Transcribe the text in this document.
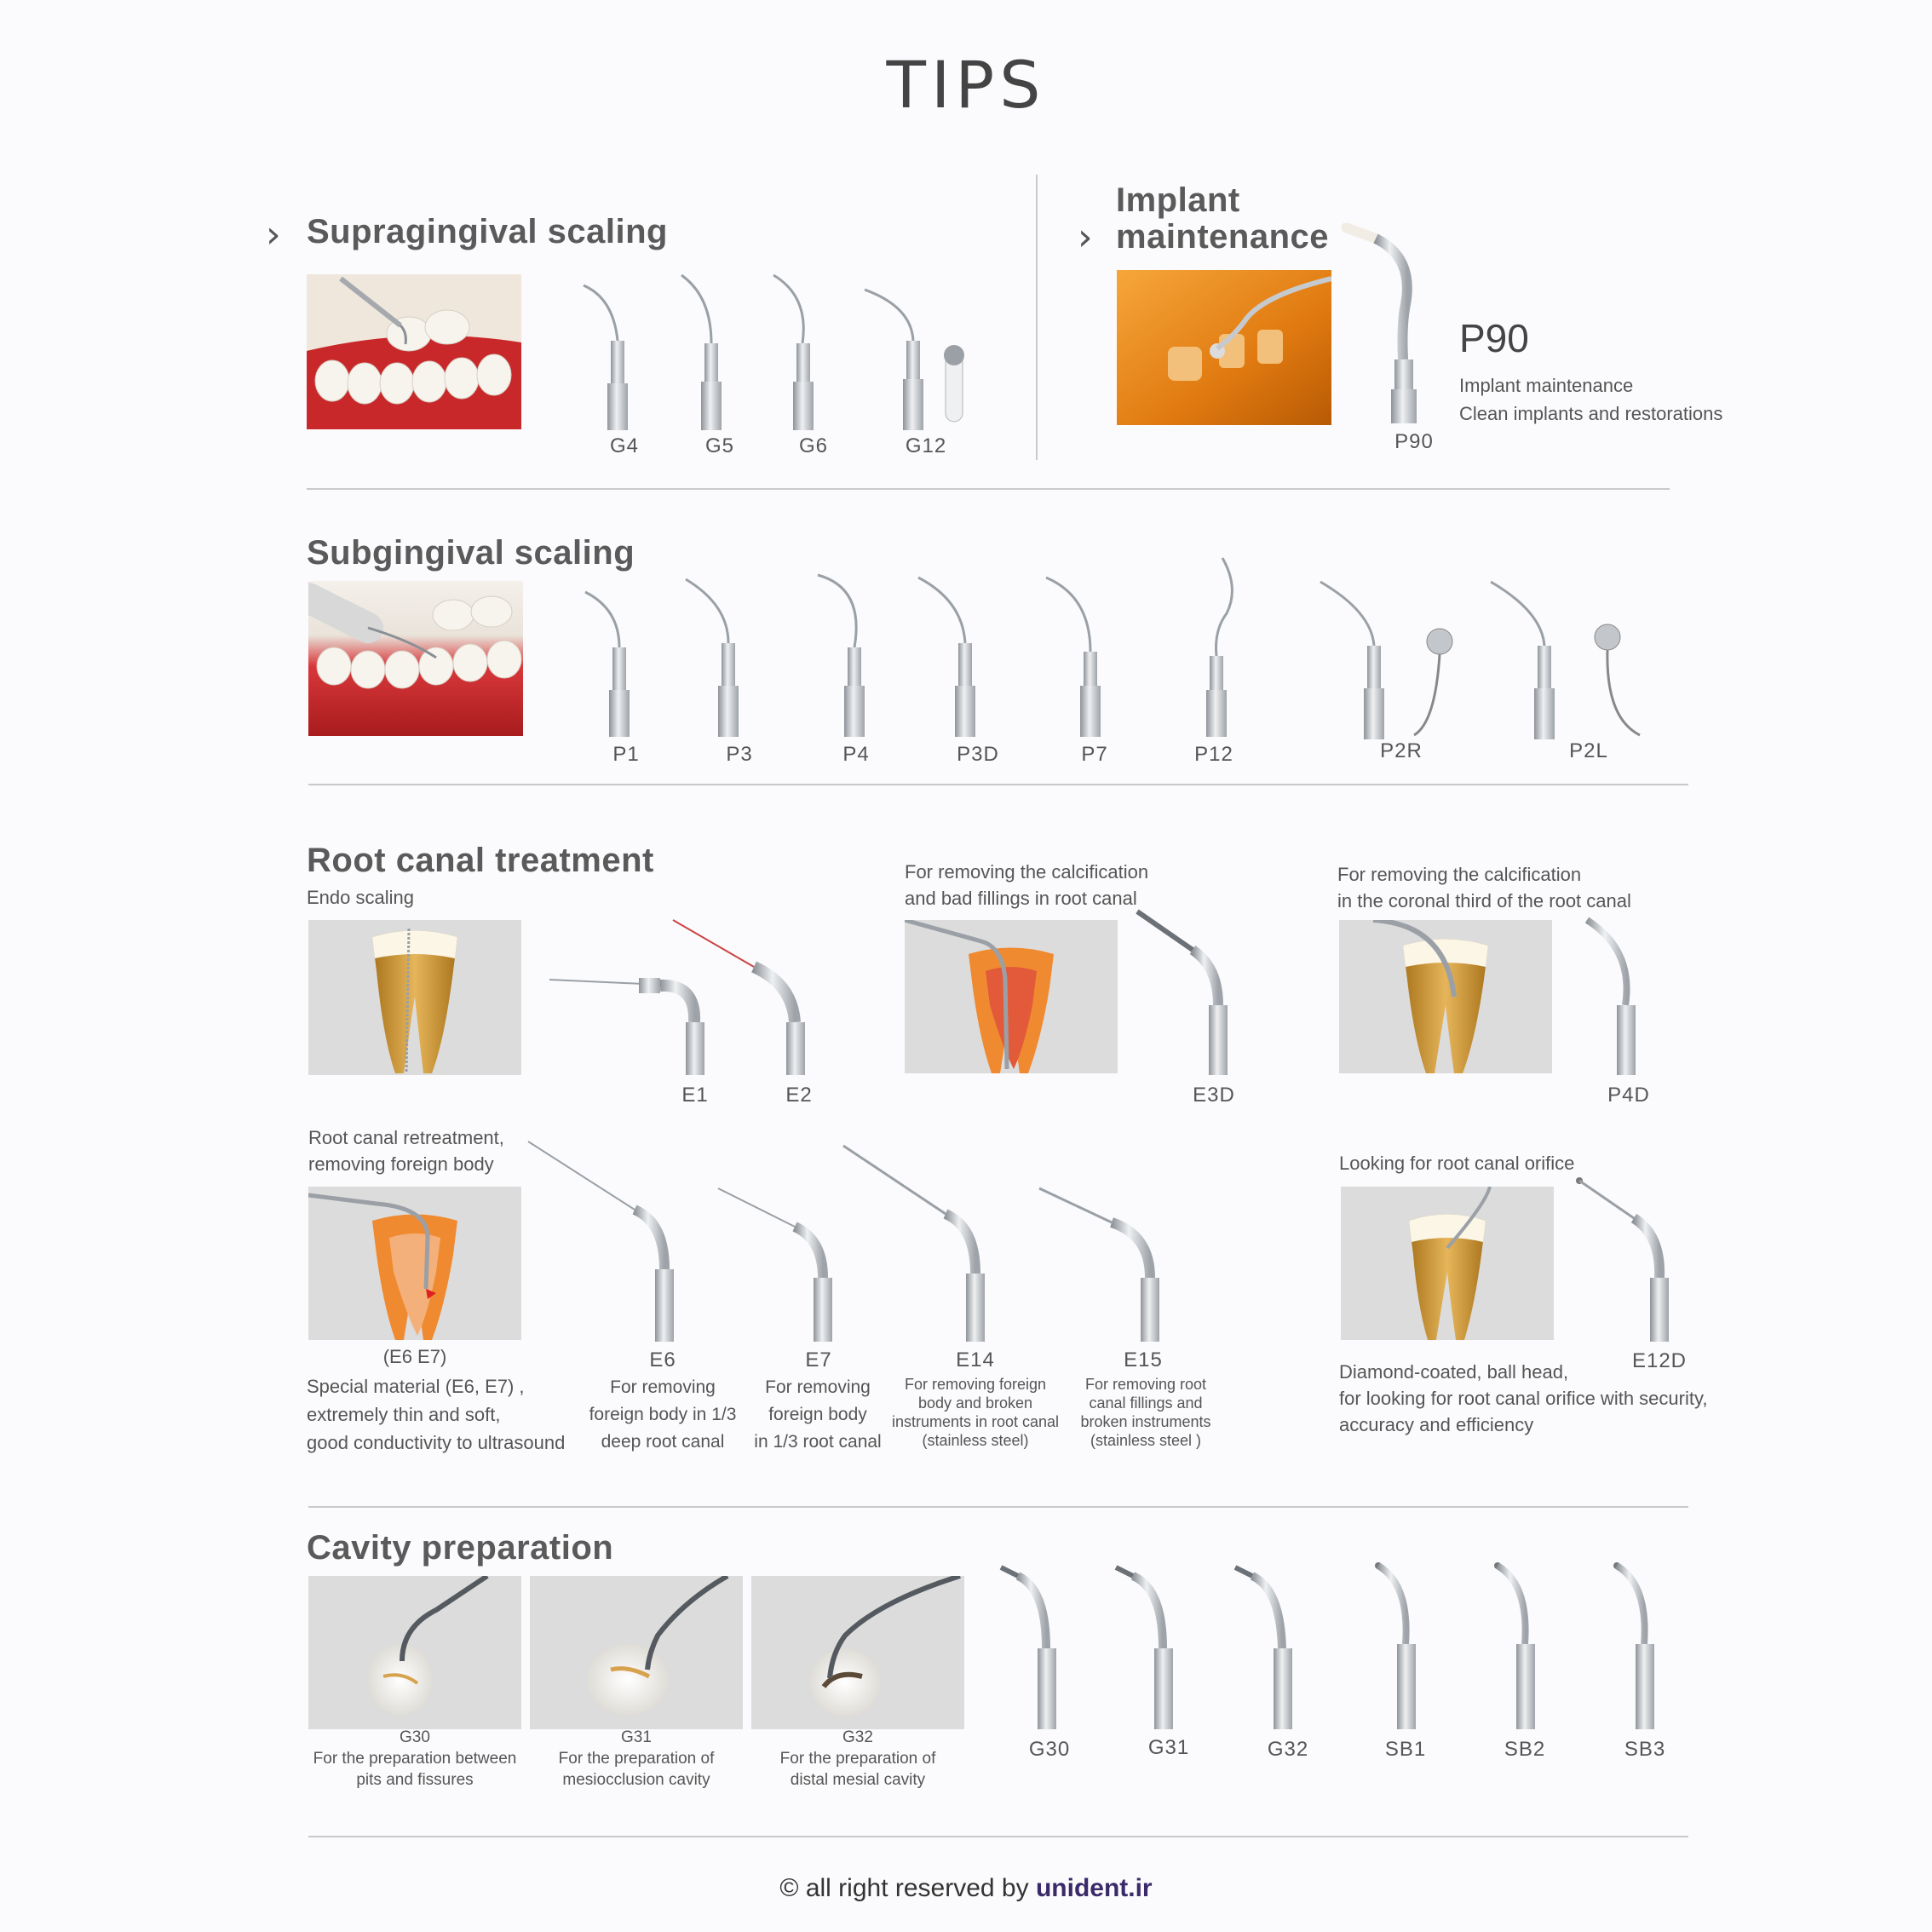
TIPS
› Supragingival scaling
G4	G5	G6	G12
›
Implant
maintenance
P90
P90
Implant maintenance
Clean implants and restorations
Subgingival scaling
P1	P3	P4	P3D	P7	P12	P2R	P2L
Root canal treatment
Endo scaling
E1	E2
For removing the calcification
and bad fillings in root canal
E3D
For removing the calcification
in the coronal third of the root canal
P4D
Root canal retreatment,
removing foreign body
(E6 E7)
Special material (E6, E7) ,
extremely thin and soft,
good conductivity to ultrasound
E6	E7	E14	E15
For removing
foreign body in 1/3
deep root canal
For removing
foreign body
in 1/3 root canal
For removing foreign
body and broken
instruments in root canal
(stainless steel)
For removing root
canal fillings and
broken instruments
(stainless steel )
Looking for root canal orifice
E12D
Diamond-coated, ball head,
for looking for root canal orifice with security,
accuracy and efficiency
Cavity preparation
G30
For the preparation between
pits and fissures
G31
For the preparation of
mesiocclusion cavity
G32
For the preparation of
distal mesial cavity
G30	G31	G32	SB1	SB2	SB3
© all right reserved by unident.ir
